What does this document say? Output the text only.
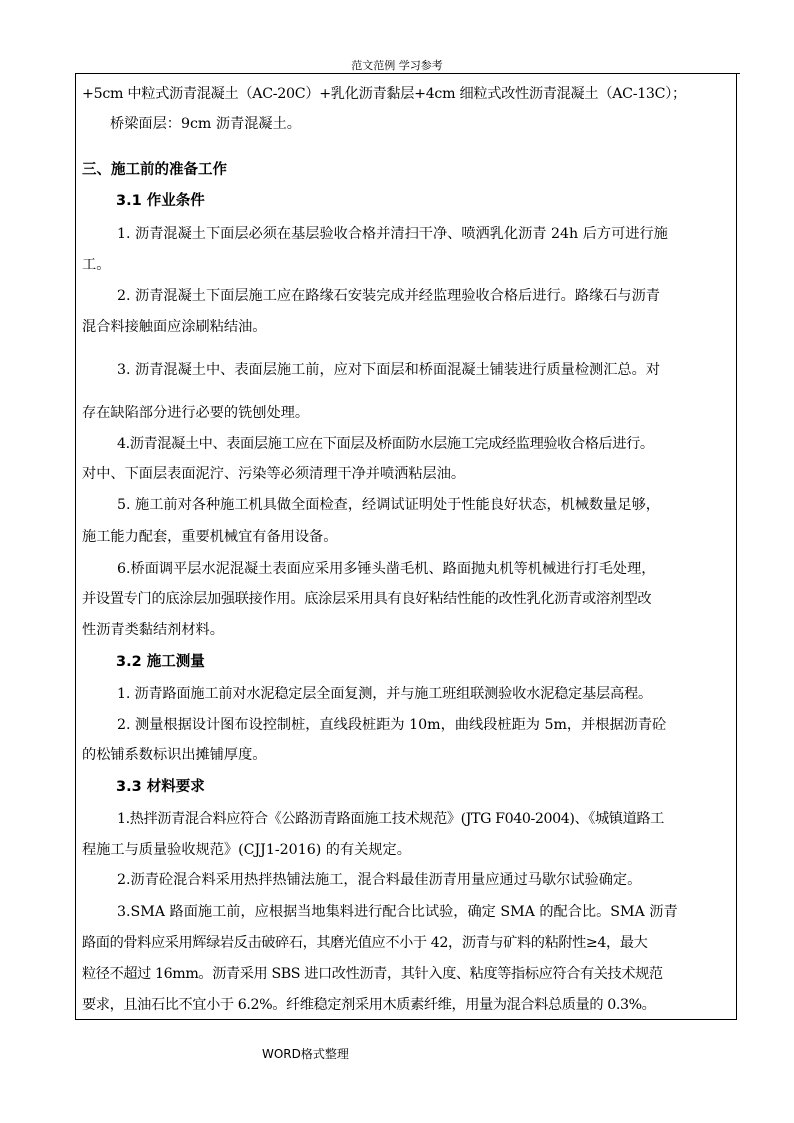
范文范例 学习参考
+5cm 中粒式沥青混凝土（AC-20C）+乳化沥青黏层+4cm 细粒式改性沥青混凝土（AC-13C）；
桥梁面层：9cm 沥青混凝土。
三、施工前的准备工作
3.1 作业条件
1. 沥青混凝土下面层必须在基层验收合格并清扫干净、喷洒乳化沥青 24h 后方可进行施
工。
2. 沥青混凝土下面层施工应在路缘石安装完成并经监理验收合格后进行。路缘石与沥青
混合料接触面应涂刷粘结油。
3. 沥青混凝土中、表面层施工前，应对下面层和桥面混凝土铺装进行质量检测汇总。对
存在缺陷部分进行必要的铣刨处理。
4.沥青混凝土中、表面层施工应在下面层及桥面防水层施工完成经监理验收合格后进行。
对中、下面层表面泥泞、污染等必须清理干净并喷洒粘层油。
5. 施工前对各种施工机具做全面检查，经调试证明处于性能良好状态，机械数量足够，
施工能力配套，重要机械宜有备用设备。
6.桥面调平层水泥混凝土表面应采用多锤头凿毛机、路面抛丸机等机械进行打毛处理，
并设置专门的底涂层加强联接作用。底涂层采用具有良好粘结性能的改性乳化沥青或溶剂型改
性沥青类黏结剂材料。
3.2 施工测量
1. 沥青路面施工前对水泥稳定层全面复测，并与施工班组联测验收水泥稳定基层高程。
2. 测量根据设计图布设控制桩，直线段桩距为 10m，曲线段桩距为 5m，并根据沥青砼
的松铺系数标识出摊铺厚度。
3.3 材料要求
1.热拌沥青混合料应符合《公路沥青路面施工技术规范》(JTG F040-2004)、《城镇道路工
程施工与质量验收规范》(CJJ1-2016) 的有关规定。
2.沥青砼混合料采用热拌热铺法施工，混合料最佳沥青用量应通过马歇尔试验确定。
3.SMA 路面施工前，应根据当地集料进行配合比试验，确定 SMA 的配合比。SMA 沥青
路面的骨料应采用辉绿岩反击破碎石，其磨光值应不小于 42，沥青与矿料的粘附性≥4，最大
粒径不超过 16mm。沥青采用 SBS 进口改性沥青，其针入度、粘度等指标应符合有关技术规范
要求，且油石比不宜小于 6.2%。纤维稳定剂采用木质素纤维，用量为混合料总质量的 0.3%。
WORD格式整理
